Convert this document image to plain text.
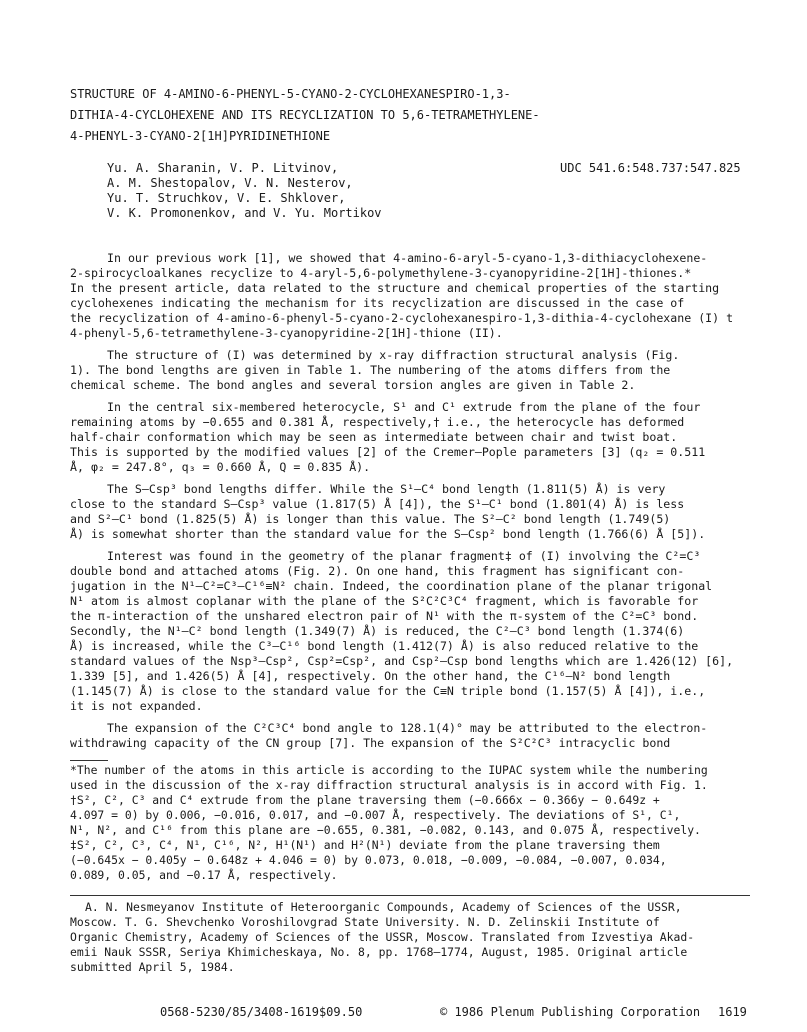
STRUCTURE OF 4-AMINO-6-PHENYL-5-CYANO-2-CYCLOHEXANESPIRO-1,3-
DITHIA-4-CYCLOHEXENE AND ITS RECYCLIZATION TO 5,6-TETRAMETHYLENE-
4-PHENYL-3-CYANO-2[1H]PYRIDINETHIONE
Yu. A. Sharanin, V. P. Litvinov,
A. M. Shestopalov, V. N. Nesterov,
Yu. T. Struchkov, V. E. Shklover,
V. K. Promonenkov, and V. Yu. Mortikov
UDC 541.6:548.737:547.825
In our previous work [1], we showed that 4-amino-6-aryl-5-cyano-1,3-dithiacyclohexene-
2-spirocycloalkanes recyclize to 4-aryl-5,6-polymethylene-3-cyanopyridine-2[1H]-thiones.*
In the present article, data related to the structure and chemical properties of the starting
cyclohexenes indicating the mechanism for its recyclization are discussed in the case of
the recyclization of 4-amino-6-phenyl-5-cyano-2-cyclohexanespiro-1,3-dithia-4-cyclohexane (I) t
4-phenyl-5,6-tetramethylene-3-cyanopyridine-2[1H]-thione (II).
The structure of (I) was determined by x-ray diffraction structural analysis (Fig.
1). The bond lengths are given in Table 1. The numbering of the atoms differs from the
chemical scheme. The bond angles and several torsion angles are given in Table 2.
In the central six-membered heterocycle, S¹ and C¹ extrude from the plane of the four
remaining atoms by −0.655 and 0.381 Å, respectively,† i.e., the heterocycle has deformed
half-chair conformation which may be seen as intermediate between chair and twist boat.
This is supported by the modified values [2] of the Cremer–Pople parameters [3] (q₂ = 0.511
Å, φ₂ = 247.8°, q₃ = 0.660 Å, Q = 0.835 Å).
The S–Csp³ bond lengths differ. While the S¹–C⁴ bond length (1.811(5) Å) is very
close to the standard S–Csp³ value (1.817(5) Å [4]), the S¹–C¹ bond (1.801(4) Å) is less
and S²–C¹ bond (1.825(5) Å) is longer than this value. The S²–C² bond length (1.749(5)
Å) is somewhat shorter than the standard value for the S–Csp² bond length (1.766(6) Å [5]).
Interest was found in the geometry of the planar fragment‡ of (I) involving the C²=C³
double bond and attached atoms (Fig. 2). On one hand, this fragment has significant con-
jugation in the N¹–C²=C³–C¹⁶≡N² chain. Indeed, the coordination plane of the planar trigonal
N¹ atom is almost coplanar with the plane of the S²C²C³C⁴ fragment, which is favorable for
the π-interaction of the unshared electron pair of N¹ with the π-system of the C²=C³ bond.
Secondly, the N¹–C² bond length (1.349(7) Å) is reduced, the C²–C³ bond length (1.374(6)
Å) is increased, while the C³–C¹⁶ bond length (1.412(7) Å) is also reduced relative to the
standard values of the Nsp³–Csp², Csp²=Csp², and Csp²–Csp bond lengths which are 1.426(12) [6],
1.339 [5], and 1.426(5) Å [4], respectively. On the other hand, the C¹⁶–N² bond length
(1.145(7) Å) is close to the standard value for the C≡N triple bond (1.157(5) Å [4]), i.e.,
it is not expanded.
The expansion of the C²C³C⁴ bond angle to 128.1(4)° may be attributed to the electron-
withdrawing capacity of the CN group [7]. The expansion of the S²C²C³ intracyclic bond
*The number of the atoms in this article is according to the IUPAC system while the numbering
used in the discussion of the x-ray diffraction structural analysis is in accord with Fig. 1.
†S², C², C³ and C⁴ extrude from the plane traversing them (−0.666x − 0.366y − 0.649z +
4.097 = 0) by 0.006, −0.016, 0.017, and −0.007 Å, respectively. The deviations of S¹, C¹,
N¹, N², and C¹⁶ from this plane are −0.655, 0.381, −0.082, 0.143, and 0.075 Å, respectively.
‡S², C², C³, C⁴, N¹, C¹⁶, N², H¹(N¹) and H²(N¹) deviate from the plane traversing them
(−0.645x − 0.405y − 0.648z + 4.046 = 0) by 0.073, 0.018, −0.009, −0.084, −0.007, 0.034,
0.089, 0.05, and −0.17 Å, respectively.
A. N. Nesmeyanov Institute of Heteroorganic Compounds, Academy of Sciences of the USSR,
Moscow. T. G. Shevchenko Voroshilovgrad State University. N. D. Zelinskii Institute of
Organic Chemistry, Academy of Sciences of the USSR, Moscow. Translated from Izvestiya Akad-
emii Nauk SSSR, Seriya Khimicheskaya, No. 8, pp. 1768–1774, August, 1985. Original article
submitted April 5, 1984.
0568-5230/85/3408-1619$09.50	© 1986 Plenum Publishing Corporation 1619
